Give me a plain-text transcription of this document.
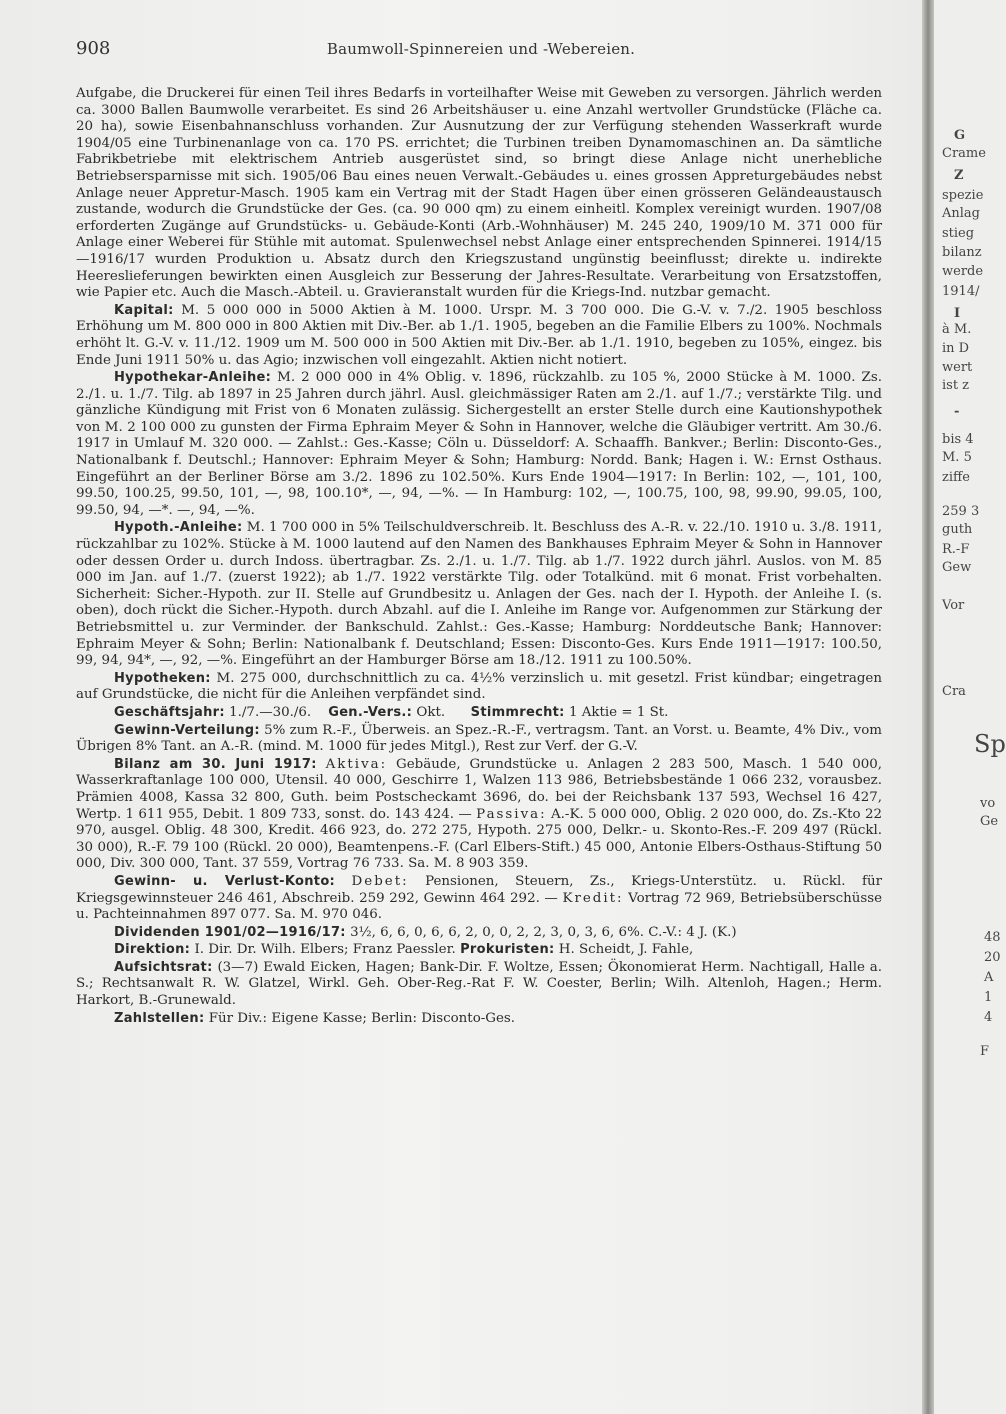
908	Baumwoll-Spinnereien und -Webereien.

Aufgabe, die Druckerei für einen Teil ihres Bedarfs in vorteilhafter Weise mit Geweben zu versorgen. Jährlich werden ca. 3000 Ballen Baumwolle verarbeitet. Es sind 26 Arbeitshäuser u. eine Anzahl wertvoller Grundstücke (Fläche ca. 20 ha), sowie Eisenbahnanschluss vorhanden. Zur Ausnutzung der zur Verfügung stehenden Wasserkraft wurde 1904/05 eine Turbinenanlage von ca. 170 PS. errichtet; die Turbinen treiben Dynamomaschinen an. Da sämtliche Fabrikbetriebe mit elektrischem Antrieb ausgerüstet sind, so bringt diese Anlage nicht unerhebliche Betriebsersparnisse mit sich. 1905/06 Bau eines neuen Verwalt.-Gebäudes u. eines grossen Appreturgebäudes nebst Anlage neuer Appretur-Masch. 1905 kam ein Vertrag mit der Stadt Hagen über einen grösseren Geländeaustausch zustande, wodurch die Grundstücke der Ges. (ca. 90 000 qm) zu einem einheitl. Komplex vereinigt wurden. 1907/08 erforderten Zugänge auf Grundstücks- u. Gebäude-Konti (Arb.-Wohnhäuser) M. 245 240, 1909/10 M. 371 000 für Anlage einer Weberei für Stühle mit automat. Spulenwechsel nebst Anlage einer entsprechenden Spinnerei. 1914/15—1916/17 wurden Produktion u. Absatz durch den Kriegszustand ungünstig beeinflusst; direkte u. indirekte Heereslieferungen bewirkten einen Ausgleich zur Besserung der Jahres-Resultate. Verarbeitung von Ersatzstoffen, wie Papier etc. Auch die Masch.-Abteil. u. Gravieranstalt wurden für die Kriegs-Ind. nutzbar gemacht.

Kapital: M. 5 000 000 in 5000 Aktien à M. 1000. Urspr. M. 3 700 000. Die G.-V. v. 7./2. 1905 beschloss Erhöhung um M. 800 000 in 800 Aktien mit Div.-Ber. ab 1./1. 1905, begeben an die Familie Elbers zu 100%. Nochmals erhöht lt. G.-V. v. 11./12. 1909 um M. 500 000 in 500 Aktien mit Div.-Ber. ab 1./1. 1910, begeben zu 105%, eingez. bis Ende Juni 1911 50% u. das Agio; inzwischen voll eingezahlt. Aktien nicht notiert.

Hypothekar-Anleihe: M. 2 000 000 in 4% Oblig. v. 1896, rückzahlb. zu 105 %, 2000 Stücke à M. 1000. Zs. 2./1. u. 1./7. Tilg. ab 1897 in 25 Jahren durch jährl. Ausl. gleichmässiger Raten am 2./1. auf 1./7.; verstärkte Tilg. und gänzliche Kündigung mit Frist von 6 Monaten zulässig. Sichergestellt an erster Stelle durch eine Kautionshypothek von M. 2 100 000 zu gunsten der Firma Ephraim Meyer & Sohn in Hannover, welche die Gläubiger vertritt. Am 30./6. 1917 in Umlauf M. 320 000. — Zahlst.: Ges.-Kasse; Cöln u. Düsseldorf: A. Schaaffh. Bankver.; Berlin: Disconto-Ges., Nationalbank f. Deutschl.; Hannover: Ephraim Meyer & Sohn; Hamburg: Nordd. Bank; Hagen i. W.: Ernst Osthaus. Eingeführt an der Berliner Börse am 3./2. 1896 zu 102.50%. Kurs Ende 1904—1917: In Berlin: 102, —, 101, 100, 99.50, 100.25, 99.50, 101, —, 98, 100.10*, —, 94, —%. — In Hamburg: 102, —, 100.75, 100, 98, 99.90, 99.05, 100, 99.50, 94, —*. —, 94, —%.

Hypoth.-Anleihe: M. 1 700 000 in 5% Teilschuldverschreib. lt. Beschluss des A.-R. v. 22./10. 1910 u. 3./8. 1911, rückzahlbar zu 102%. Stücke à M. 1000 lautend auf den Namen des Bankhauses Ephraim Meyer & Sohn in Hannover oder dessen Order u. durch Indoss. übertragbar. Zs. 2./1. u. 1./7. Tilg. ab 1./7. 1922 durch jährl. Auslos. von M. 85 000 im Jan. auf 1./7. (zuerst 1922); ab 1./7. 1922 verstärkte Tilg. oder Totalkünd. mit 6 monat. Frist vorbehalten. Sicherheit: Sicher.-Hypoth. zur II. Stelle auf Grundbesitz u. Anlagen der Ges. nach der I. Hypoth. der Anleihe I. (s. oben), doch rückt die Sicher.-Hypoth. durch Abzahl. auf die I. Anleihe im Range vor. Aufgenommen zur Stärkung der Betriebsmittel u. zur Verminder. der Bankschuld. Zahlst.: Ges.-Kasse; Hamburg: Norddeutsche Bank; Hannover: Ephraim Meyer & Sohn; Berlin: Nationalbank f. Deutschland; Essen: Disconto-Ges. Kurs Ende 1911—1917: 100.50, 99, 94, 94*, —, 92, —%. Eingeführt an der Hamburger Börse am 18./12. 1911 zu 100.50%.

Hypotheken: M. 275 000, durchschnittlich zu ca. 4½% verzinslich u. mit gesetzl. Frist kündbar; eingetragen auf Grundstücke, die nicht für die Anleihen verpfändet sind.

Geschäftsjahr: 1./7.—30./6. Gen.-Vers.: Okt. Stimmrecht: 1 Aktie = 1 St.

Gewinn-Verteilung: 5% zum R.-F., Überweis. an Spez.-R.-F., vertragsm. Tant. an Vorst. u. Beamte, 4% Div., vom Übrigen 8% Tant. an A.-R. (mind. M. 1000 für jedes Mitgl.), Rest zur Verf. der G.-V.

Bilanz am 30. Juni 1917: Aktiva: Gebäude, Grundstücke u. Anlagen 2 283 500, Masch. 1 540 000, Wasserkraftanlage 100 000, Utensil. 40 000, Geschirre 1, Walzen 113 986, Betriebsbestände 1 066 232, vorausbez. Prämien 4008, Kassa 32 800, Guth. beim Postscheckamt 3696, do. bei der Reichsbank 137 593, Wechsel 16 427, Wertp. 1 611 955, Debit. 1 809 733, sonst. do. 143 424. — Passiva: A.-K. 5 000 000, Oblig. 2 020 000, do. Zs.-Kto 22 970, ausgel. Oblig. 48 300, Kredit. 466 923, do. 272 275, Hypoth. 275 000, Delkr.- u. Skonto-Res.-F. 209 497 (Rückl. 30 000), R.-F. 79 100 (Rückl. 20 000), Beamtenpens.-F. (Carl Elbers-Stift.) 45 000, Antonie Elbers-Osthaus-Stiftung 50 000, Div. 300 000, Tant. 37 559, Vortrag 76 733. Sa. M. 8 903 359.

Gewinn- u. Verlust-Konto: Debet: Pensionen, Steuern, Zs., Kriegs-Unterstütz. u. Rückl. für Kriegsgewinnsteuer 246 461, Abschreib. 259 292, Gewinn 464 292. — Kredit: Vortrag 72 969, Betriebsüberschüsse u. Pachteinnahmen 897 077. Sa. M. 970 046.

Dividenden 1901/02—1916/17: 3½, 6, 6, 0, 6, 6, 2, 0, 0, 2, 2, 3, 0, 3, 6, 6%. C.-V.: 4 J. (K.)

Direktion: I. Dir. Dr. Wilh. Elbers; Franz Paessler. Prokuristen: H. Scheidt, J. Fahle,

Aufsichtsrat: (3—7) Ewald Eicken, Hagen; Bank-Dir. F. Woltze, Essen; Ökonomierat Herm. Nachtigall, Halle a. S.; Rechtsanwalt R. W. Glatzel, Wirkl. Geh. Ober-Reg.-Rat F. W. Coester, Berlin; Wilh. Altenloh, Hagen.; Herm. Harkort, B.-Grunewald.

Zahlstellen: Für Div.: Eigene Kasse; Berlin: Disconto-Ges.

G
Crame
Z
spezie
Anlag
stieg
bilanz
werde
1914/
I
à M.
in D
wert
ist z
-
bis 4
M. 5
ziffe
259 3
guth
R.-F
Gew
Vor
Cra
Sp
vo
Ge
48
20
A
1
4
F
